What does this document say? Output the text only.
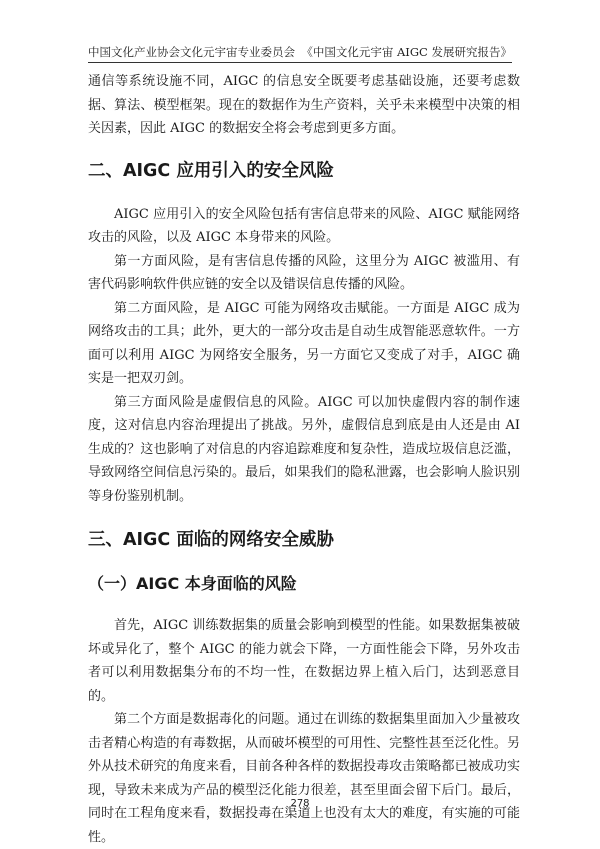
中国文化产业协会文化元宇宙专业委员会 《中国文化元宇宙 AIGC 发展研究报告》

通信等系统设施不同，AIGC 的信息安全既要考虑基础设施，还要考虑数据、算法、模型框架。现在的数据作为生产资料，关乎未来模型中决策的相关因素，因此 AIGC 的数据安全将会考虑到更多方面。

二、AIGC 应用引入的安全风险

AIGC 应用引入的安全风险包括有害信息带来的风险、AIGC 赋能网络攻击的风险，以及 AIGC 本身带来的风险。

第一方面风险，是有害信息传播的风险，这里分为 AIGC 被滥用、有害代码影响软件供应链的安全以及错误信息传播的风险。

第二方面风险，是 AIGC 可能为网络攻击赋能。一方面是 AIGC 成为网络攻击的工具；此外，更大的一部分攻击是自动生成智能恶意软件。一方面可以利用 AIGC 为网络安全服务，另一方面它又变成了对手，AIGC 确实是一把双刃剑。

第三方面风险是虚假信息的风险。AIGC 可以加快虚假内容的制作速度，这对信息内容治理提出了挑战。另外，虚假信息到底是由人还是由 AI 生成的？这也影响了对信息的内容追踪难度和复杂性，造成垃圾信息泛滥，导致网络空间信息污染的。最后，如果我们的隐私泄露，也会影响人脸识别等身份鉴别机制。

三、AIGC 面临的网络安全威胁
（一）AIGC 本身面临的风险

首先，AIGC 训练数据集的质量会影响到模型的性能。如果数据集被破坏或异化了，整个 AIGC 的能力就会下降，一方面性能会下降，另外攻击者可以利用数据集分布的不均一性，在数据边界上植入后门，达到恶意目的。

第二个方面是数据毒化的问题。通过在训练的数据集里面加入少量被攻击者精心构造的有毒数据，从而破坏模型的可用性、完整性甚至泛化性。另外从技术研究的角度来看，目前各种各样的数据投毒攻击策略都已被成功实现，导致未来成为产品的模型泛化能力很差，甚至里面会留下后门。最后，同时在工程角度来看，数据投毒在渠道上也没有太大的难度，有实施的可能性。

278
